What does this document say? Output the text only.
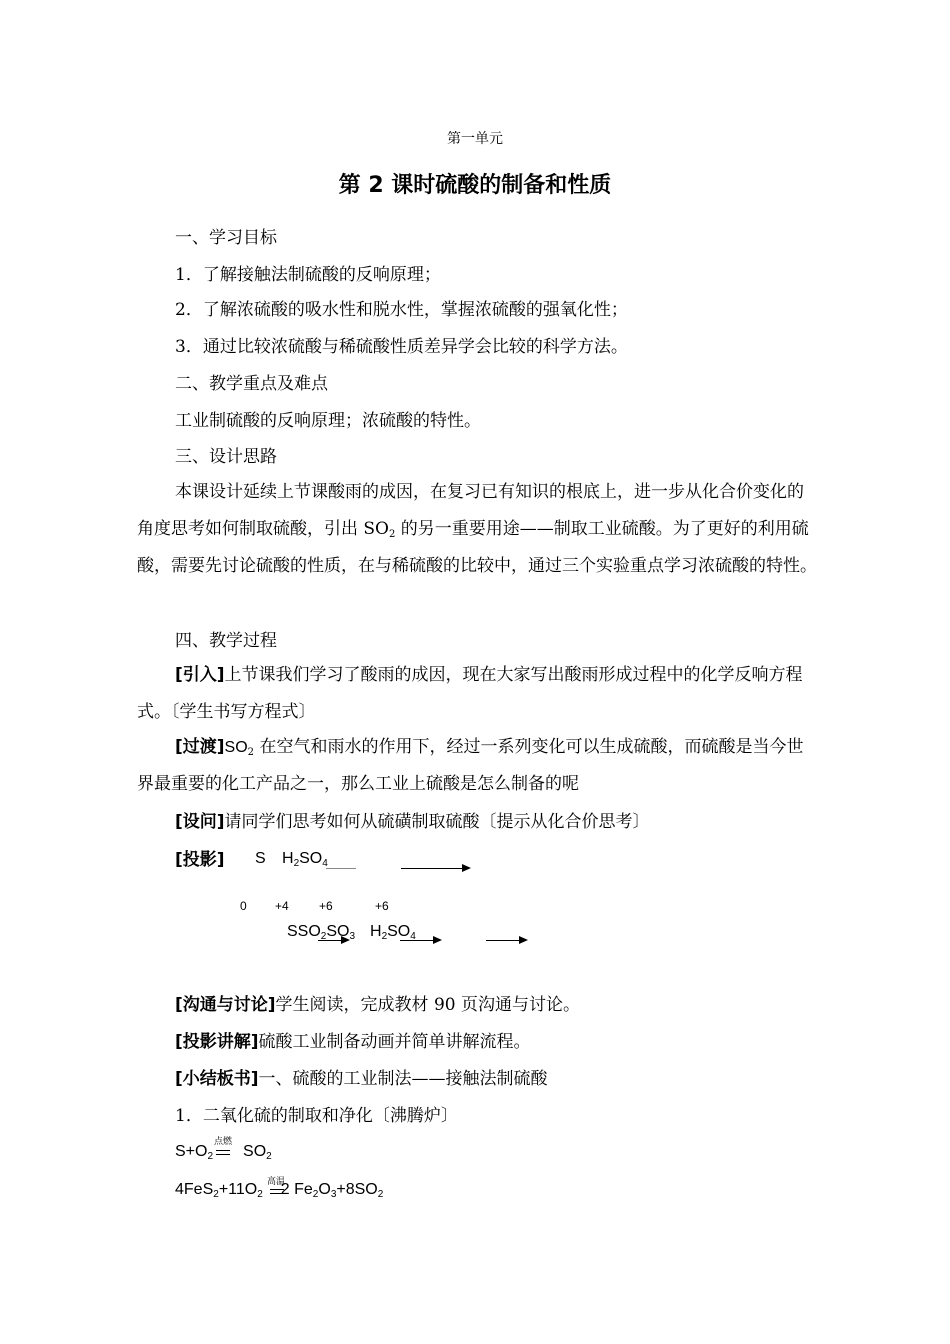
第一单元
第 2 课时硫酸的制备和性质
一、学习目标
1．了解接触法制硫酸的反响原理；
2．了解浓硫酸的吸水性和脱水性，掌握浓硫酸的强氧化性；
3．通过比较浓硫酸与稀硫酸性质差异学会比较的科学方法。
二、教学重点及难点
工业制硫酸的反响原理；浓硫酸的特性。
三、设计思路
本课设计延续上节课酸雨的成因，在复习已有知识的根底上，进一步从化合价变化的角度思考如何制取硫酸，引出 $SO_2$ 的另一重要用途——制取工业硫酸。为了更好的利用硫酸，需要先讨论硫酸的性质，在与稀硫酸的比较中，通过三个实验重点学习浓硫酸的特性。
四、教学过程
[引入]上节课我们学习了酸雨的成因，现在大家写出酸雨形成过程中的化学反响方程式。〔学生书写方程式〕
[过渡]$SO_2$ 在空气和雨水的作用下，经过一系列变化可以生成硫酸，而硫酸是当今世界最重要的化工产品之一，那么工业上硫酸是怎么制备的呢
[设问]请同学们思考如何从硫磺制取硫酸〔提示从化合价思考〕
[投影] S $H_2SO_4$
0 +4	+6	+6
$SSO_2SO_3$ $H_2SO_4$
[沟通与讨论]学生阅读，完成教材 90 页沟通与讨论。
[投影讲解]硫酸工业制备动画并简单讲解流程。
[小结板书]一、硫酸的工业制法——接触法制硫酸
1．二氧化硫的制取和净化〔沸腾炉〕
$S+O_2$ $SO_2$
点燃
$4FeS_2+11O_2$ 2 $Fe_2O_3+8SO_2$
高温
